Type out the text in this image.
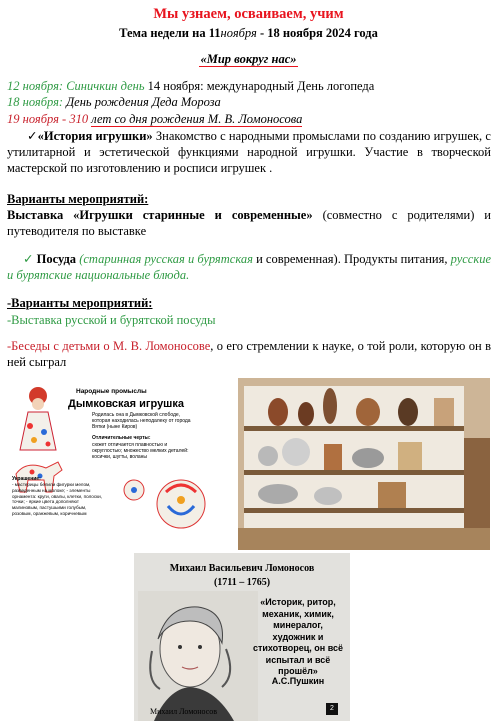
Мы узнаем, осваиваем, учим
Тема недели на 11ноября - 18 ноября 2024 года
«Мир вокруг нас»
12 ноября: Синичкин день 14 ноября: международный День логопеда
18 ноября: День рождения Деда Мороза
19 ноября - 310 лет со дня рождения М. В. Ломоносова
✓«История игрушки» Знакомство с народными промыслами по созданию игрушек, с утилитарной и эстетической функциями народной игрушки. Участие в творческой мастерской по изготовлению и росписи игрушек .
Варианты мероприятий:
Выставка «Игрушки старинные и современные» (совместно с родителями) и путеводителя по выставке
✓ Посуда (старинная русская и бурятская и современная). Продукты питания, русские и бурятские национальные блюда.
-Варианты мероприятий:
-Выставка русской и бурятской посуды
-Беседы с детьми о М. В. Ломоносове, о его стремлении к науке, о той роли, которую он в ней сыграл
Народные промыслы
Дымковская игрушка
Родилась она в Дымковской слободе, которая находилась неподалеку от города Вятки (ныне Киров)
Отличительные черты:
сюжет отличается плавностью и округлостью; множество мелких деталей: косички, шугты, воланы
Украшение:
- мастерицы белили фигурки мелом, разведенным на молоке; - элементы орнамента: круги, овалы, клетки, полоски, точки; - яркие цвета дополняют малиновым, пастушьими голубым, розовым, оранжевым, коричневым
Михаил Васильевич Ломоносов
(1711 – 1765)
Михаил Ломоносов
«Историк, ритор, механик, химик, минералог, художник и стихотворец, он всё испытал и всё прошёл»
А.С.Пушкин
2
